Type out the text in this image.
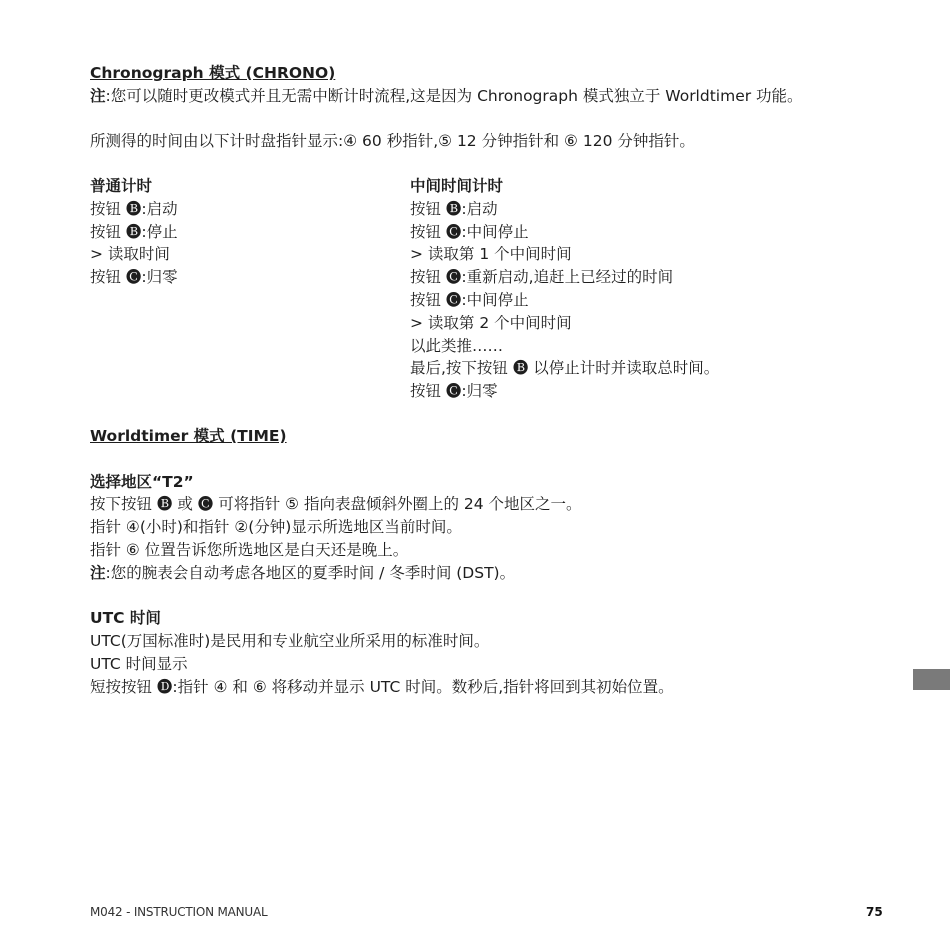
Chronograph 模式 (CHRONO)
注:您可以随时更改模式并且无需中断计时流程,这是因为 Chronograph 模式独立于 Worldtimer 功能。
所测得的时间由以下计时盘指针显示:④ 60 秒指针,⑤ 12 分钟指针和 ⑥ 120 分钟指针。
普通计时
按钮 🅑:启动
按钮 🅑:停止
> 读取时间
按钮 🅒:归零
中间时间计时
按钮 🅑:启动
按钮 🅒:中间停止
> 读取第 1 个中间时间
按钮 🅒:重新启动,追赶上已经过的时间
按钮 🅒:中间停止
> 读取第 2 个中间时间
以此类推……
最后,按下按钮 🅑 以停止计时并读取总时间。
按钮 🅒:归零
Worldtimer 模式 (TIME)
选择地区“T2”
按下按钮 🅑 或 🅒 可将指针 ⑤ 指向表盘倾斜外圈上的 24 个地区之一。
指针 ④(小时)和指针 ②(分钟)显示所选地区当前时间。
指针 ⑥ 位置告诉您所选地区是白天还是晚上。
注:您的腕表会自动考虑各地区的夏季时间 / 冬季时间 (DST)。
UTC 时间
UTC(万国标准时)是民用和专业航空业所采用的标准时间。
UTC 时间显示
短按按钮 🅓:指针 ④ 和 ⑥ 将移动并显示 UTC 时间。数秒后,指针将回到其初始位置。
M042 - INSTRUCTION MANUAL	75
